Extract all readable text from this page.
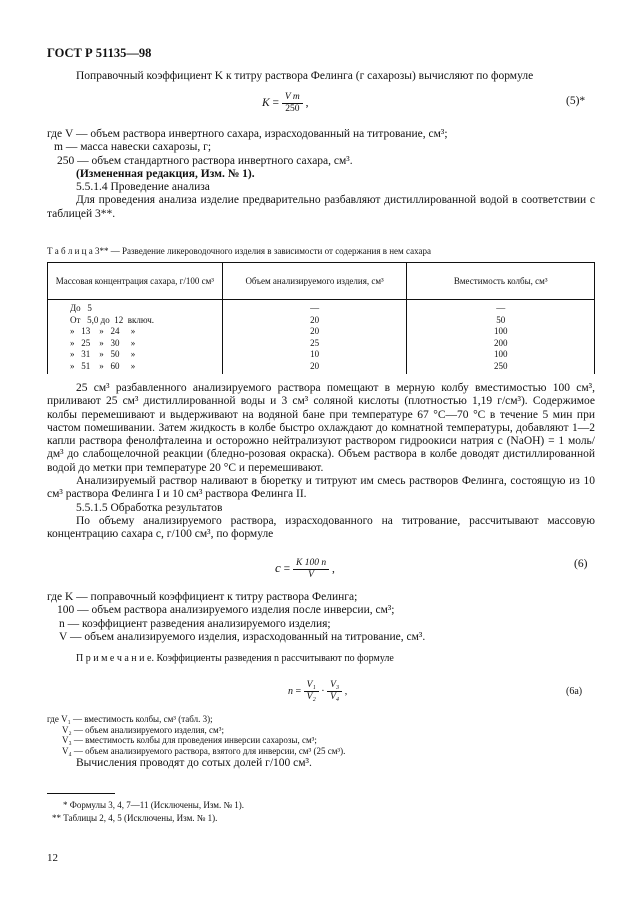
ГОСТ Р 51135—98

Поправочный коэффициент K к титру раствора Фелинга (г сахарозы) вычисляют по формуле

$K = \frac{\text{V m}}{250}$ ,	(5)*

где V — объем раствора инвертного сахара, израсходованный на титрование, см³;

m — масса навески сахарозы, г;

250 — объем стандартного раствора инвертного сахара, см³.

(Измененная редакция, Изм. № 1).

5.5.1.4 Проведение анализа

Для проведения анализа изделие предварительно разбавляют дистиллированной водой в соответствии с таблицей 3**.

Т а б л и ц а 3** — Разведение ликероводочного изделия в зависимости от содержания в нем сахара
Массовая концентрация сахара, г/100 см³	Объем анализируемого изделия, см³	Вместимость колбы, см³
До   5	—	—
От   5,0 до  12  включ.	20	50
»   13    »   24     »	20	100
»   25    »   30     »	25	200
»   31    »   50     »	10	100
»   51    »   60     »	20	250

25 см³ разбавленного анализируемого раствора помещают в мерную колбу вместимостью 100 см³, приливают 25 см³ дистиллированной воды и 3 см³ соляной кислоты (плотностью 1,19 г/см³). Содержимое колбы перемешивают и выдерживают на водяной бане при температуре 67 °С—70 °С в течение 5 мин при частом помешивании. Затем жидкость в колбе быстро охлаждают до комнатной температуры, добавляют 1—2 капли раствора фенолфталеина и осторожно нейтрализуют раствором гидроокиси натрия c (NaOH) = 1 моль/дм³ до слабощелочной реакции (бледно-розовая окраска). Объем раствора в колбе доводят дистиллированной водой до метки при температуре 20 °С и перемешивают.

Анализируемый раствор наливают в бюретку и титруют им смесь растворов Фелинга, состоящую из 10 см³ раствора Фелинга I и 10 см³ раствора Фелинга II.

5.5.1.5 Обработка результатов

По объему анализируемого раствора, израсходованного на титрование, рассчитывают массовую концентрацию сахара c, г/100 см³, по формуле

$c = \frac{K 100 n}{V}$ ,	(6)

где K — поправочный коэффициент к титру раствора Фелинга;

100 — объем раствора анализируемого изделия после инверсии, см³;

n — коэффициент разведения анализируемого изделия;

V — объем анализируемого изделия, израсходованный на титрование, см³.

П р и м е ч а н и е. Коэффициенты разведения n рассчитывают по формуле

$n = \frac{\text{V₁}}{\text{V₂}} \cdot \frac{\text{V₃}}{\text{V₄}}$ ,	(6а)

где V₁ — вместимость колбы, см³ (табл. 3);

V₂ — объем анализируемого изделия, см³;

V₃ — вместимость колбы для проведения инверсии сахарозы, см³;

V₄ — объем анализируемого раствора, взятого для инверсии, см³ (25 см³).

Вычисления проводят до сотых долей г/100 см³.

* Формулы 3, 4, 7—11 (Исключены, Изм. № 1).
** Таблицы 2, 4, 5 (Исключены, Изм. № 1).
12
